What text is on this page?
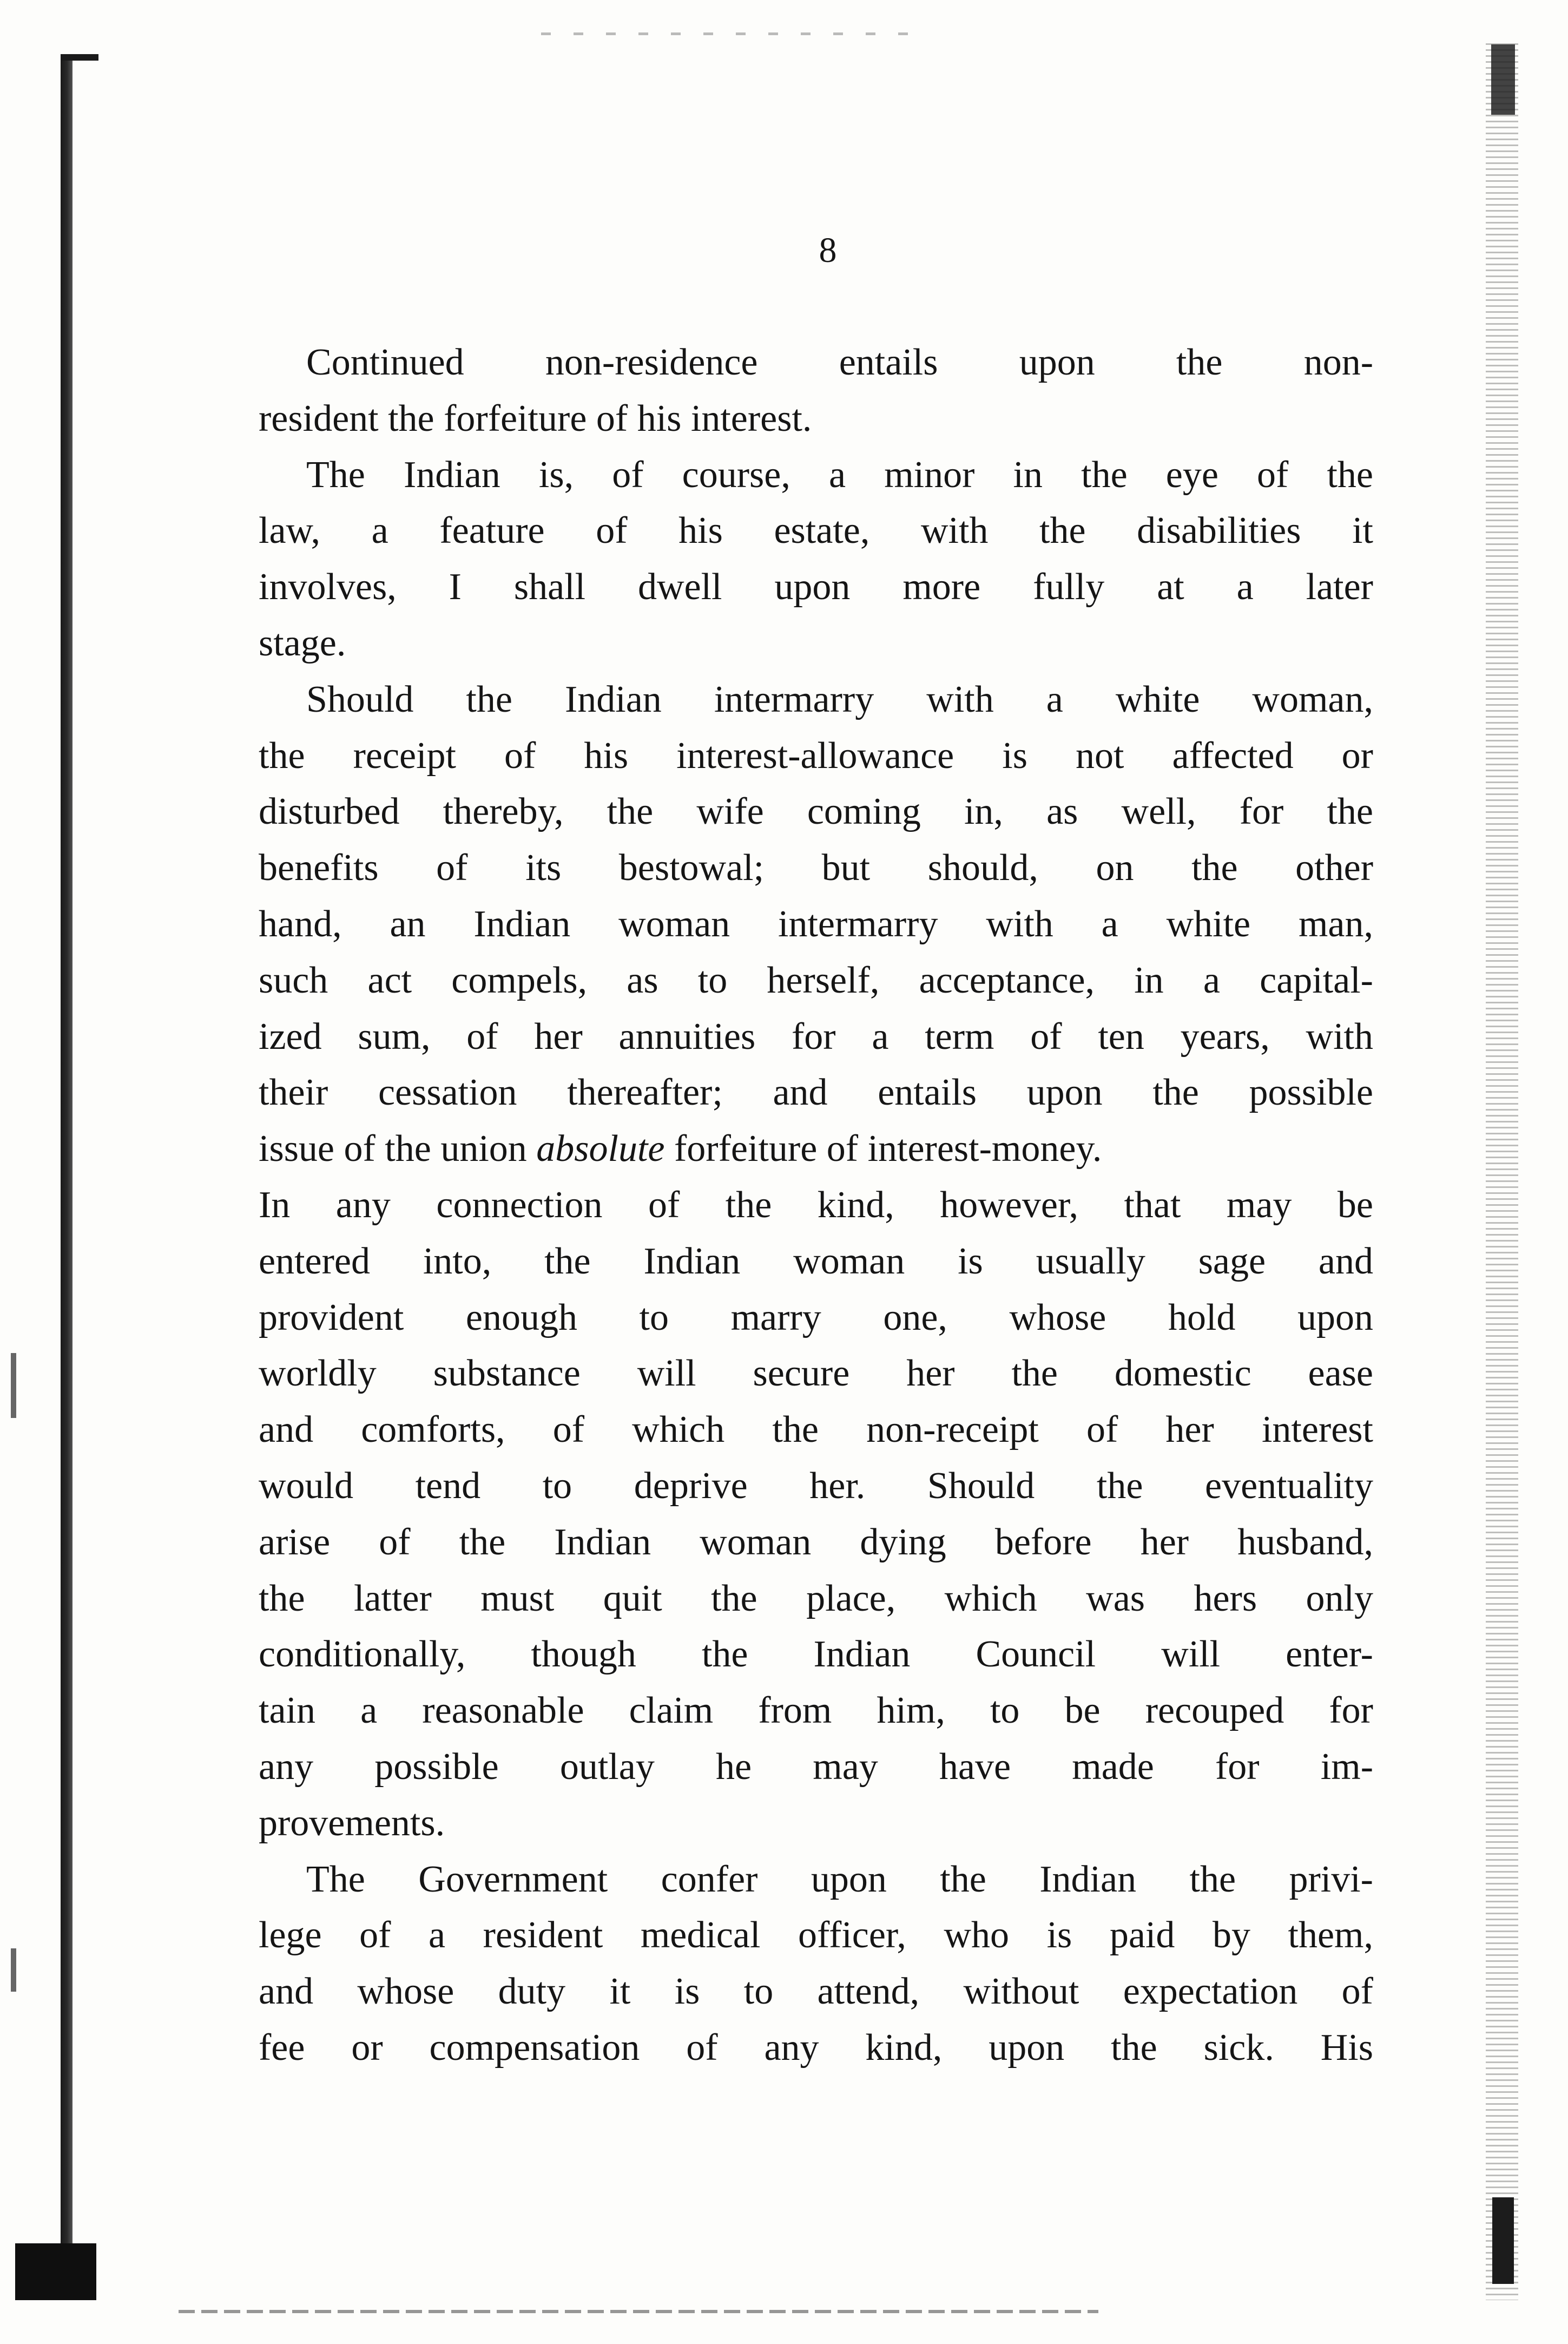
8
Continued non-residence entails upon the non-
resident the forfeiture of his interest.
The Indian is, of course, a minor in the eye of the
law, a feature of his estate, with the disabilities it
involves, I shall dwell upon more fully at a later
stage.
Should the Indian intermarry with a white woman,
the receipt of his interest-allowance is not affected or
disturbed thereby, the wife coming in, as well, for the
benefits of its bestowal; but should, on the other
hand, an Indian woman intermarry with a white man,
such act compels, as to herself, acceptance, in a capital-
ized sum, of her annuities for a term of ten years, with
their cessation thereafter; and entails upon the possible
issue of the union absolute forfeiture of interest-money.
In any connection of the kind, however, that may be
entered into, the Indian woman is usually sage and
provident enough to marry one, whose hold upon
worldly substance will secure her the domestic ease
and comforts, of which the non-receipt of her interest
would tend to deprive her. Should the eventuality
arise of the Indian woman dying before her husband,
the latter must quit the place, which was hers only
conditionally, though the Indian Council will enter-
tain a reasonable claim from him, to be recouped for
any possible outlay he may have made for im-
provements.
The Government confer upon the Indian the privi-
lege of a resident medical officer, who is paid by them,
and whose duty it is to attend, without expectation of
fee or compensation of any kind, upon the sick. His
